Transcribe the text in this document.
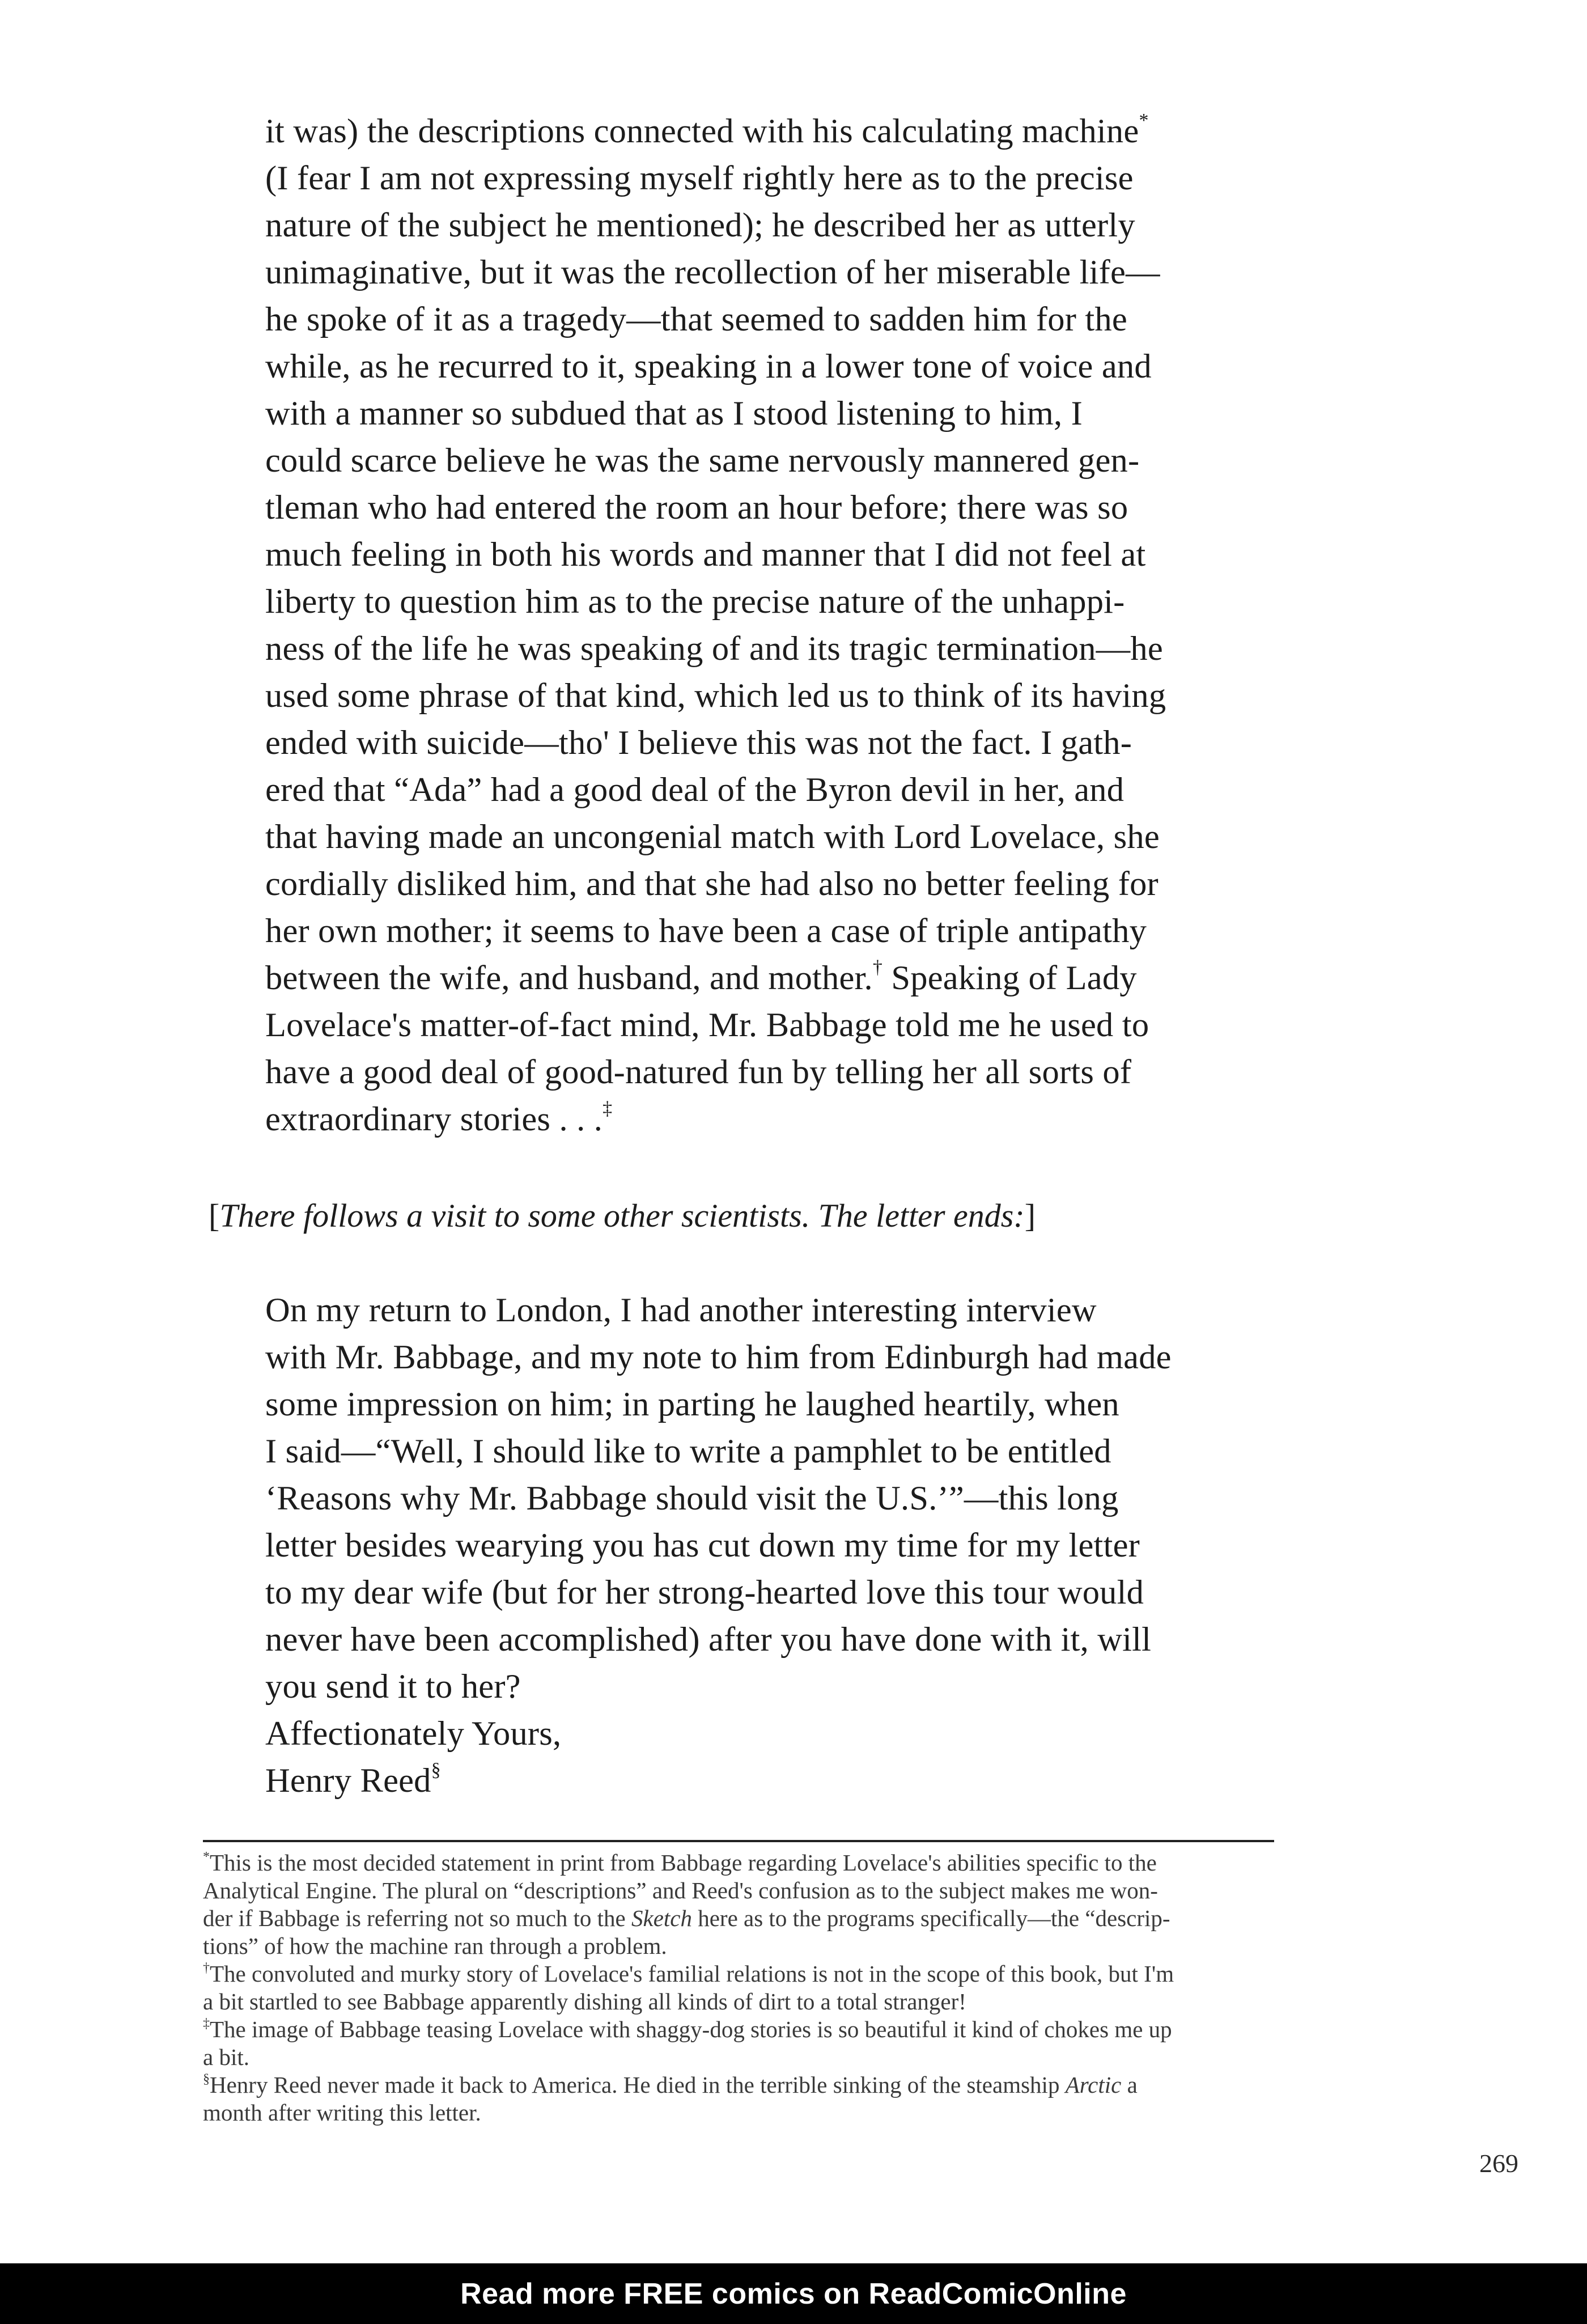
it was) the descriptions connected with his calculating machine*
(I fear I am not expressing myself rightly here as to the precise
nature of the subject he mentioned); he described her as utterly
unimaginative, but it was the recollection of her miserable life—
he spoke of it as a tragedy—that seemed to sadden him for the
while, as he recurred to it, speaking in a lower tone of voice and
with a manner so subdued that as I stood listening to him, I
could scarce believe he was the same nervously mannered gen-
tleman who had entered the room an hour before; there was so
much feeling in both his words and manner that I did not feel at
liberty to question him as to the precise nature of the unhappi-
ness of the life he was speaking of and its tragic termination—he
used some phrase of that kind, which led us to think of its having
ended with suicide—tho' I believe this was not the fact. I gath-
ered that “Ada” had a good deal of the Byron devil in her, and
that having made an uncongenial match with Lord Lovelace, she
cordially disliked him, and that she had also no better feeling for
her own mother; it seems to have been a case of triple antipathy
between the wife, and husband, and mother.† Speaking of Lady
Lovelace's matter-of-fact mind, Mr. Babbage told me he used to
have a good deal of good-natured fun by telling her all sorts of
extraordinary stories . . .‡
[There follows a visit to some other scientists. The letter ends:]
On my return to London, I had another interesting interview
with Mr. Babbage, and my note to him from Edinburgh had made
some impression on him; in parting he laughed heartily, when
I said—“Well, I should like to write a pamphlet to be entitled
‘Reasons why Mr. Babbage should visit the U.S.’”—this long
letter besides wearying you has cut down my time for my letter
to my dear wife (but for her strong-hearted love this tour would
never have been accomplished) after you have done with it, will
you send it to her?
Affectionately Yours,
Henry Reed§
*This is the most decided statement in print from Babbage regarding Lovelace's abilities specific to the
Analytical Engine. The plural on “descriptions” and Reed's confusion as to the subject makes me won-
der if Babbage is referring not so much to the Sketch here as to the programs specifically—the “descrip-
tions” of how the machine ran through a problem.
†The convoluted and murky story of Lovelace's familial relations is not in the scope of this book, but I'm
a bit startled to see Babbage apparently dishing all kinds of dirt to a total stranger!
‡The image of Babbage teasing Lovelace with shaggy-dog stories is so beautiful it kind of chokes me up
a bit.
§Henry Reed never made it back to America. He died in the terrible sinking of the steamship Arctic a
month after writing this letter.
269
Read more FREE comics on ReadComicOnline
